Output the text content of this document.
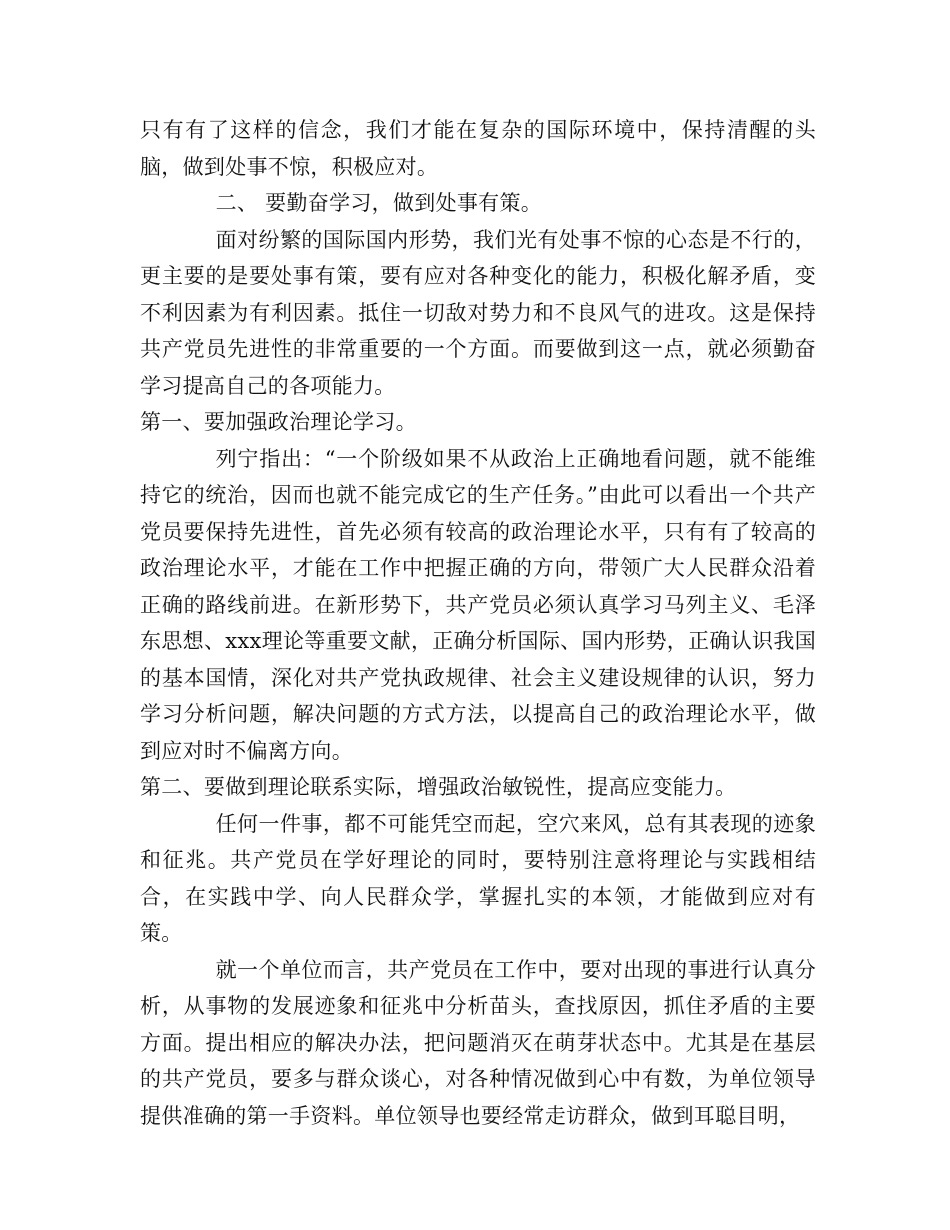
只有有了这样的信念，我们才能在复杂的国际环境中，保持清醒的头脑，做到处事不惊，积极应对。

二、 要勤奋学习，做到处事有策。

面对纷繁的国际国内形势，我们光有处事不惊的心态是不行的，更主要的是要处事有策，要有应对各种变化的能力，积极化解矛盾，变不利因素为有利因素。抵住一切敌对势力和不良风气的进攻。这是保持共产党员先进性的非常重要的一个方面。而要做到这一点，就必须勤奋学习提高自己的各项能力。

第一、要加强政治理论学习。

列宁指出：“一个阶级如果不从政治上正确地看问题，就不能维持它的统治，因而也就不能完成它的生产任务。”由此可以看出一个共产党员要保持先进性，首先必须有较高的政治理论水平，只有有了较高的政治理论水平，才能在工作中把握正确的方向，带领广大人民群众沿着正确的路线前进。在新形势下，共产党员必须认真学习马列主义、毛泽东思想、xxx理论等重要文献，正确分析国际、国内形势，正确认识我国的基本国情，深化对共产党执政规律、社会主义建设规律的认识，努力学习分析问题，解决问题的方式方法，以提高自己的政治理论水平，做到应对时不偏离方向。

第二、要做到理论联系实际，增强政治敏锐性，提高应变能力。

任何一件事，都不可能凭空而起，空穴来风，总有其表现的迹象和征兆。共产党员在学好理论的同时，要特别注意将理论与实践相结合，在实践中学、向人民群众学，掌握扎实的本领，才能做到应对有策。

就一个单位而言，共产党员在工作中，要对出现的事进行认真分析，从事物的发展迹象和征兆中分析苗头，查找原因，抓住矛盾的主要方面。提出相应的解决办法，把问题消灭在萌芽状态中。尤其是在基层的共产党员，要多与群众谈心，对各种情况做到心中有数，为单位领导提供准确的第一手资料。单位领导也要经常走访群众，做到耳聪目明，
